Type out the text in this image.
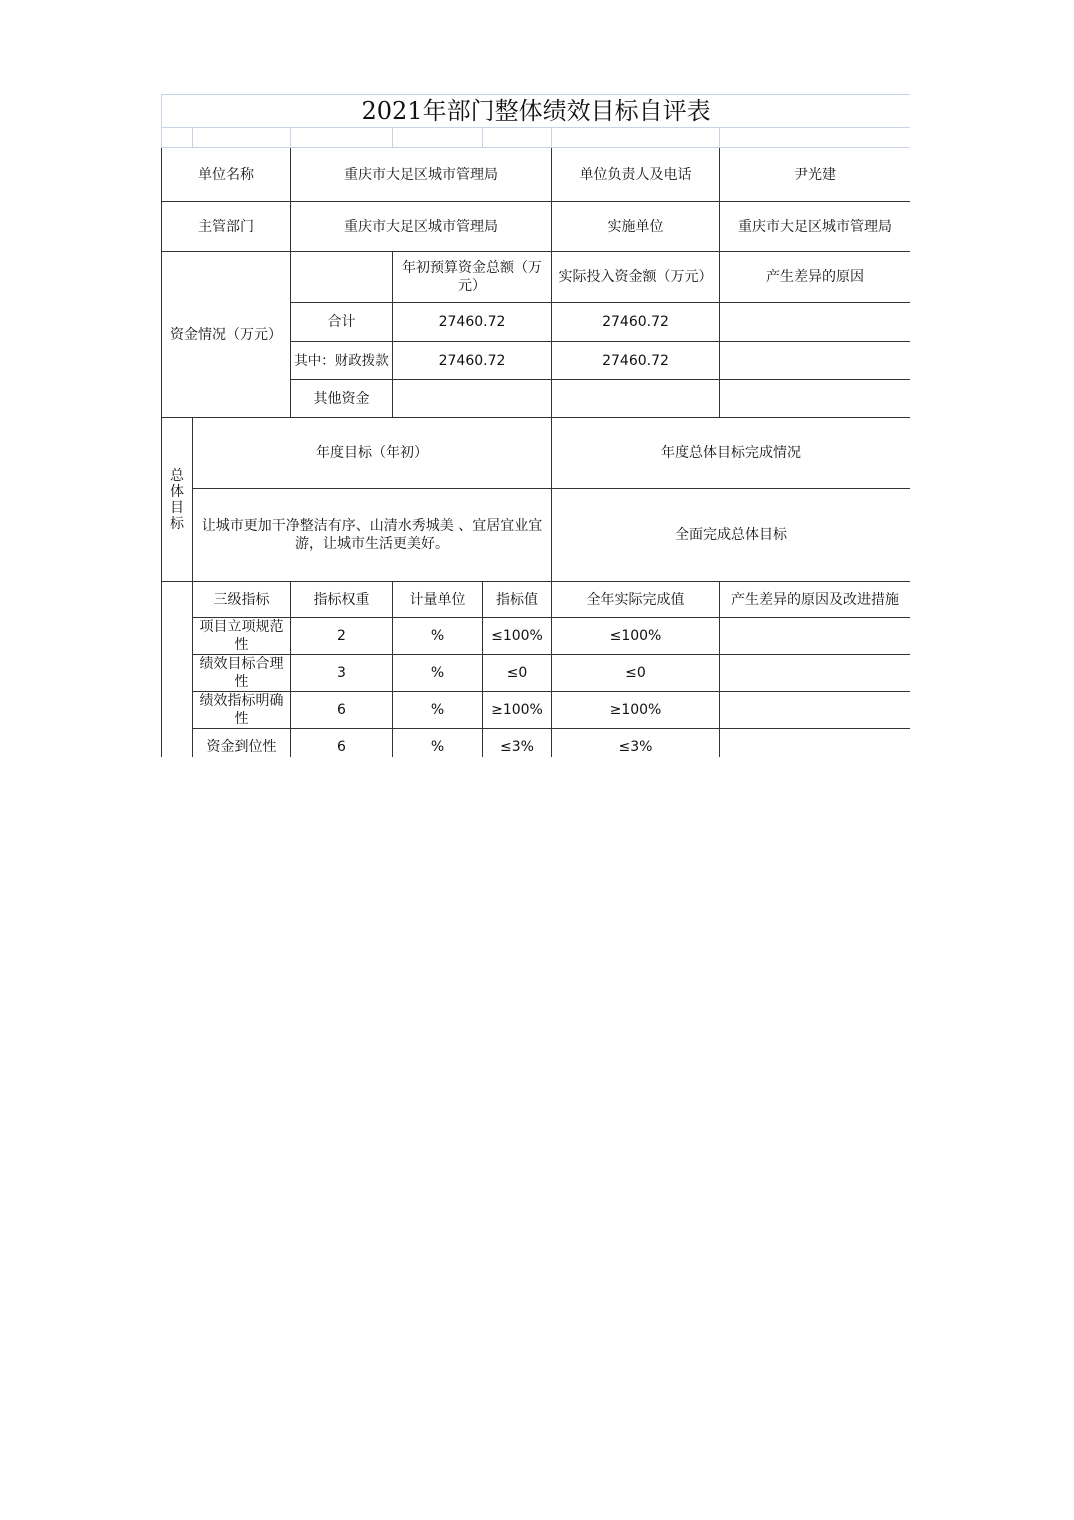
2021年部门整体绩效目标自评表						

单位名称		重庆市大足区城市管理局			单位负责人及电话	尹光建
主管部门		重庆市大足区城市管理局			实施单位	重庆市大足区城市管理局
资金情况（万元）			年初预算资金总额（万元）		实际投入资金额（万元）	产生差异的原因
		合计	27460.72		27460.72	
		其中：财政拨款	27460.72		27460.72	
		其他资金				

总体目标	年度目标（年初）				年度总体目标完成情况	
	让城市更加干净整洁有序、山清水秀城美 、宜居宜业宜游，让城市生活更美好。				全面完成总体目标	
	三级指标	指标权重	计量单位	指标值	全年实际完成值	产生差异的原因及改进措施
	项目立项规范性	2	%	≤100%	≤100%	
	绩效目标合理性	3	%	≤0	≤0	
	绩效指标明确性	6	%	≥100%	≥100%	
	资金到位性	6	%	≤3%	≤3%	
